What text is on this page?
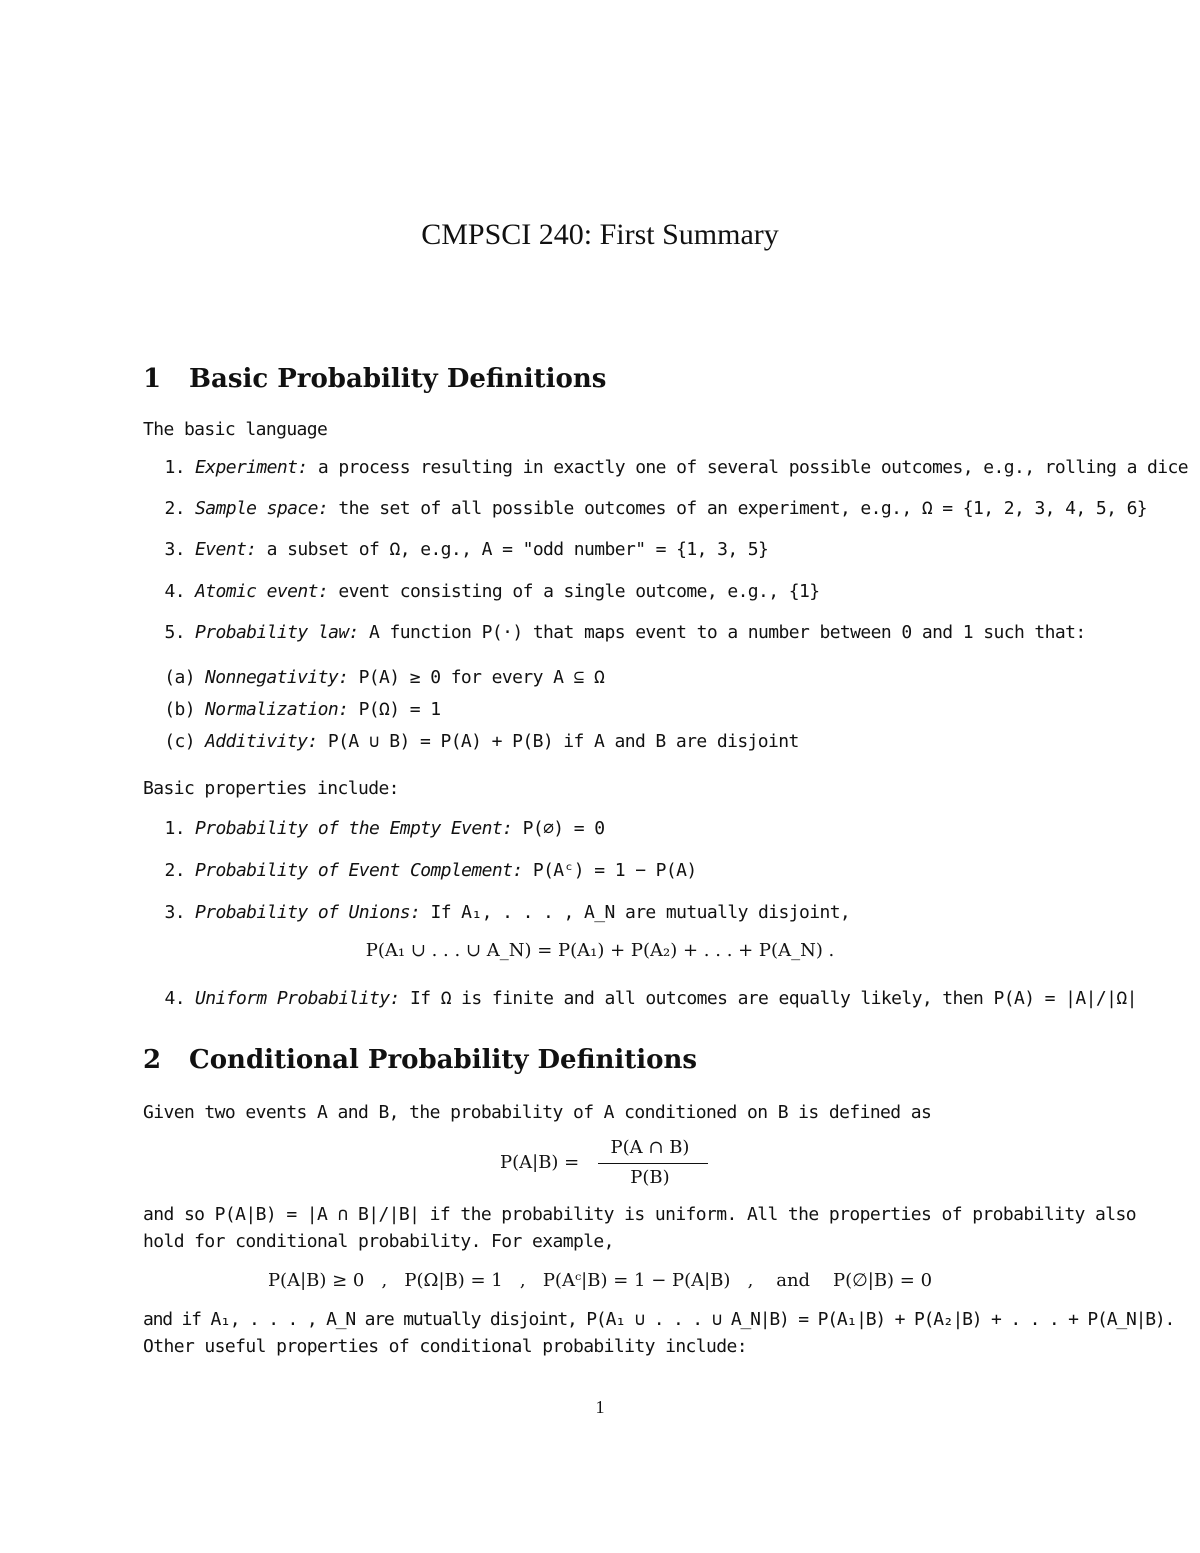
CMPSCI 240: First Summary
1 Basic Probability Definitions
The basic language
1. Experiment: a process resulting in exactly one of several possible outcomes, e.g., rolling a dice
2. Sample space: the set of all possible outcomes of an experiment, e.g., Ω = {1, 2, 3, 4, 5, 6}
3. Event: a subset of Ω, e.g., A = "odd number" = {1, 3, 5}
4. Atomic event: event consisting of a single outcome, e.g., {1}
5. Probability law: A function P(·) that maps event to a number between 0 and 1 such that:
(a) Nonnegativity: P(A) ≥ 0 for every A ⊆ Ω
(b) Normalization: P(Ω) = 1
(c) Additivity: P(A ∪ B) = P(A) + P(B) if A and B are disjoint
Basic properties include:
1. Probability of the Empty Event: P(∅) = 0
2. Probability of Event Complement: P(Aᶜ) = 1 − P(A)
3. Probability of Unions: If A₁, . . . , A_N are mutually disjoint,
P(A₁ ∪ . . . ∪ A_N) = P(A₁) + P(A₂) + . . . + P(A_N) .
4. Uniform Probability: If Ω is finite and all outcomes are equally likely, then P(A) = |A|/|Ω|
2 Conditional Probability Definitions
Given two events A and B, the probability of A conditioned on B is defined as
P(A|B) =
P(A ∩ B)
P(B)
and so P(A|B) = |A ∩ B|/|B| if the probability is uniform. All the properties of probability also
hold for conditional probability. For example,
P(A|B) ≥ 0   ,   P(Ω|B) = 1   ,   P(Aᶜ|B) = 1 − P(A|B)   ,    and    P(∅|B) = 0
and if A₁, . . . , A_N are mutually disjoint, P(A₁ ∪ . . . ∪ A_N|B) = P(A₁|B) + P(A₂|B) + . . . + P(A_N|B).
Other useful properties of conditional probability include:
1
